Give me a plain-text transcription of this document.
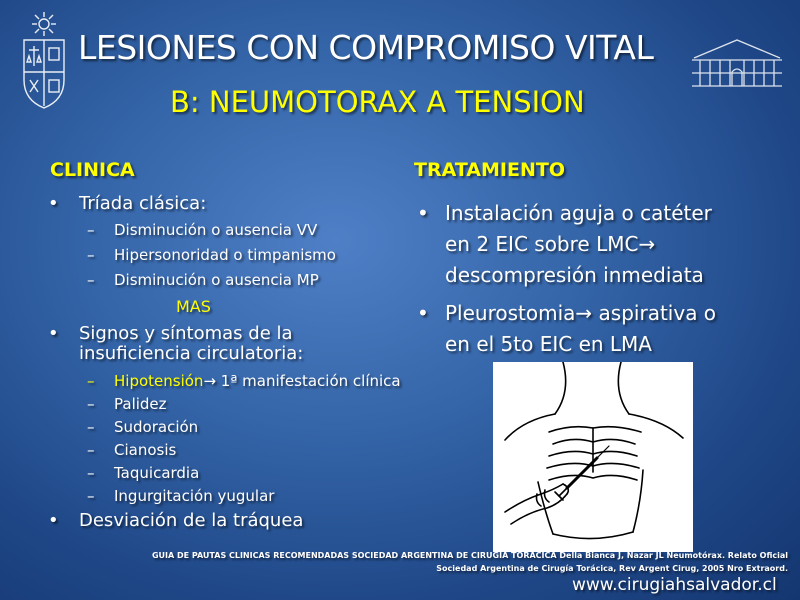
LESIONES CON COMPROMISO VITAL
B: NEUMOTORAX A TENSION
CLINICA	TRATAMIENTO
• Tríada clásica:
– Disminución o ausencia VV
– Hipersonoridad o timpanismo
– Disminución o ausencia MP
• Signos y síntomas de la insuficiencia circulatoria:
– Hipotensión→ 1ª manifestación clínica
– Palidez
– Sudoración
– Cianosis
– Taquicardia
– Ingurgitación yugular
• Desviación de la tráquea
MAS
• Instalación aguja o catéter
en 2 EIC sobre LMC→
descompresión inmediata
• Pleurostomia→ aspirativa o
en el 5to EIC en LMA
GUIA DE PAUTAS CLINICAS RECOMENDADAS SOCIEDAD ARGENTINA DE CIRUGÍA TORÁCICA Della Bianca J, Nazar JL Neumotórax. Relato Oficial
Sociedad Argentina de Cirugía Torácica, Rev Argent Cirug, 2005 Nro Extraord.
www.cirugiahsalvador.cl
